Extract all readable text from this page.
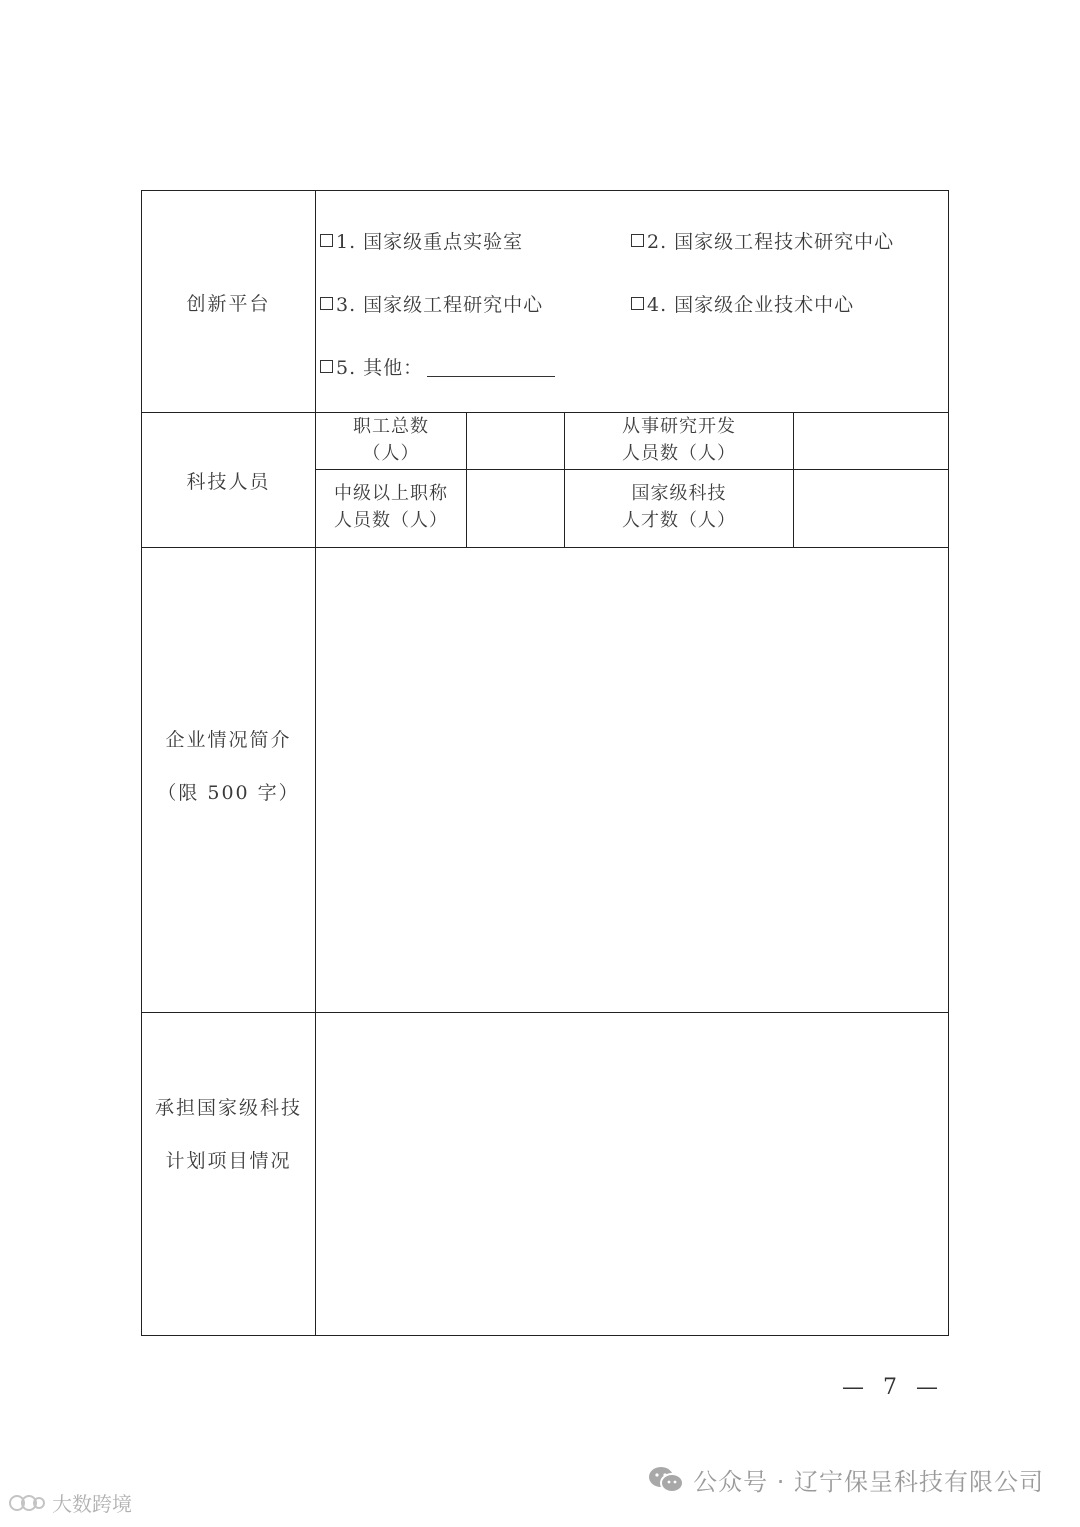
创新平台
1. 国家级重点实验室	2. 国家级工程技术研究中心
3. 国家级工程研究中心	4. 国家级企业技术中心
5. 其他：
科技人员
职工总数
（人）
从事研究开发
人员数（人）
中级以上职称
人员数（人）
国家级科技
人才数（人）
企业情况简介
（限 500 字）
承担国家级科技
计划项目情况
— 7 —
大数跨境
公众号 · 辽宁保呈科技有限公司
